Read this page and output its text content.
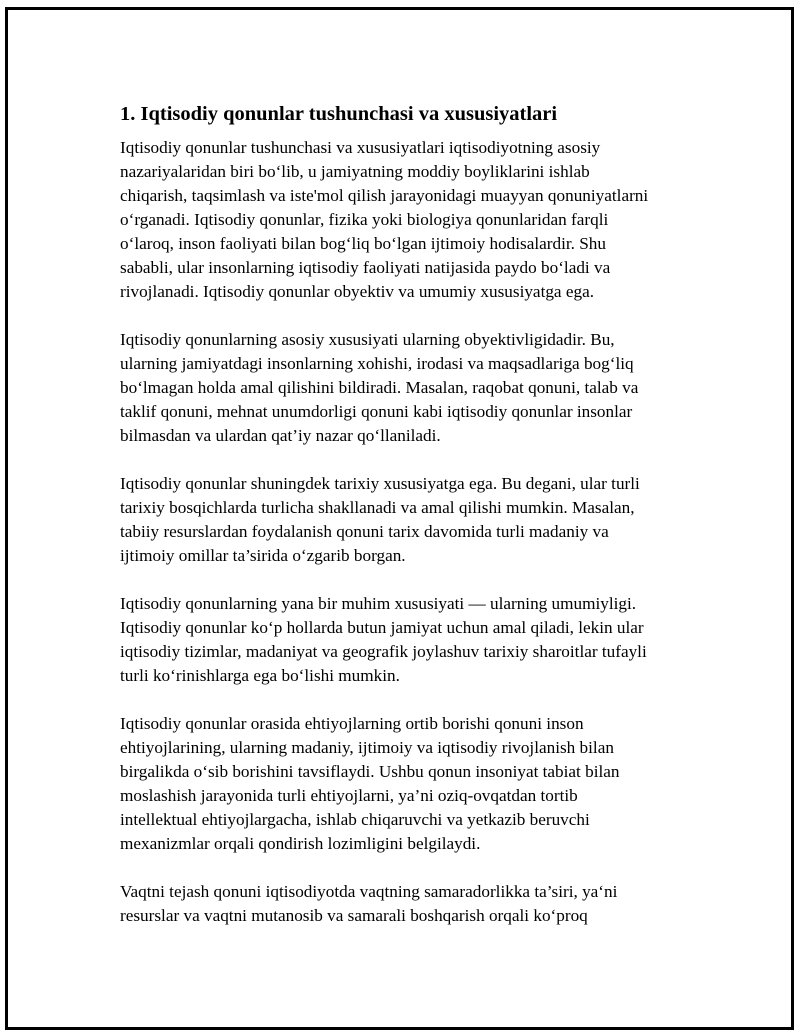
1. Iqtisodiy qonunlar tushunchasi va xususiyatlari

Iqtisodiy qonunlar tushunchasi va xususiyatlari iqtisodiyotning asosiy
nazariyalaridan biri bo‘lib, u jamiyatning moddiy boyliklarini ishlab
chiqarish, taqsimlash va iste'mol qilish jarayonidagi muayyan qonuniyatlarni
o‘rganadi. Iqtisodiy qonunlar, fizika yoki biologiya qonunlaridan farqli
o‘laroq, inson faoliyati bilan bog‘liq bo‘lgan ijtimoiy hodisalardir. Shu
sababli, ular insonlarning iqtisodiy faoliyati natijasida paydo bo‘ladi va
rivojlanadi. Iqtisodiy qonunlar obyektiv va umumiy xususiyatga ega.

Iqtisodiy qonunlarning asosiy xususiyati ularning obyektivligidadir. Bu,
ularning jamiyatdagi insonlarning xohishi, irodasi va maqsadlariga bog‘liq
bo‘lmagan holda amal qilishini bildiradi. Masalan, raqobat qonuni, talab va
taklif qonuni, mehnat unumdorligi qonuni kabi iqtisodiy qonunlar insonlar
bilmasdan va ulardan qat’iy nazar qo‘llaniladi.

Iqtisodiy qonunlar shuningdek tarixiy xususiyatga ega. Bu degani, ular turli
tarixiy bosqichlarda turlicha shakllanadi va amal qilishi mumkin. Masalan,
tabiiy resurslardan foydalanish qonuni tarix davomida turli madaniy va
ijtimoiy omillar ta’sirida o‘zgarib borgan.

Iqtisodiy qonunlarning yana bir muhim xususiyati — ularning umumiyligi.
Iqtisodiy qonunlar ko‘p hollarda butun jamiyat uchun amal qiladi, lekin ular
iqtisodiy tizimlar, madaniyat va geografik joylashuv tarixiy sharoitlar tufayli
turli ko‘rinishlarga ega bo‘lishi mumkin.

Iqtisodiy qonunlar orasida ehtiyojlarning ortib borishi qonuni inson
ehtiyojlarining, ularning madaniy, ijtimoiy va iqtisodiy rivojlanish bilan
birgalikda o‘sib borishini tavsiflaydi. Ushbu qonun insoniyat tabiat bilan
moslashish jarayonida turli ehtiyojlarni, ya’ni oziq-ovqatdan tortib
intellektual ehtiyojlargacha, ishlab chiqaruvchi va yetkazib beruvchi
mexanizmlar orqali qondirish lozimligini belgilaydi.

Vaqtni tejash qonuni iqtisodiyotda vaqtning samaradorlikka ta’siri, ya‘ni
resurslar va vaqtni mutanosib va samarali boshqarish orqali ko‘proq
